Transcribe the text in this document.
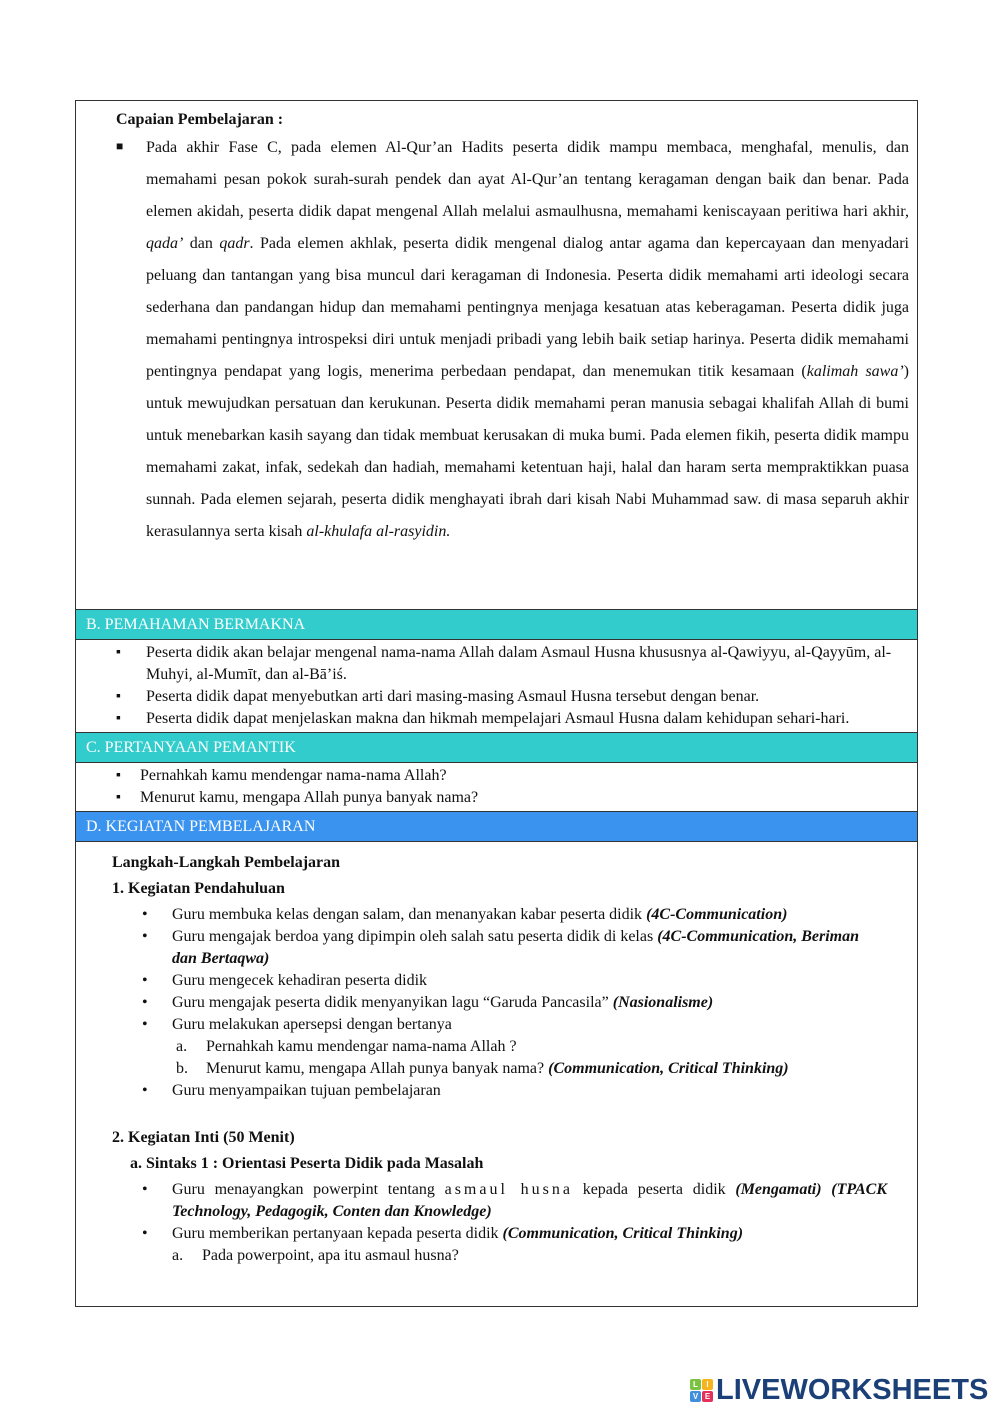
Capaian Pembelajaran :
■	Pada akhir Fase C, pada elemen Al-Qur’an Hadits peserta didik mampu membaca, menghafal, menulis, dan memahami pesan pokok surah-surah pendek dan ayat Al-Qur’an tentang keragaman dengan baik dan benar. Pada elemen akidah, peserta didik dapat mengenal Allah melalui asmaulhusna, memahami keniscayaan peritiwa hari akhir, qada’ dan qadr. Pada elemen akhlak, peserta didik mengenal dialog antar agama dan kepercayaan dan menyadari peluang dan tantangan yang bisa muncul dari keragaman di Indonesia. Peserta didik memahami arti ideologi secara sederhana dan pandangan hidup dan memahami pentingnya menjaga kesatuan atas keberagaman. Peserta didik juga memahami pentingnya introspeksi diri untuk menjadi pribadi yang lebih baik setiap harinya. Peserta didik memahami pentingnya pendapat yang logis, menerima perbedaan pendapat, dan menemukan titik kesamaan (kalimah sawa’) untuk mewujudkan persatuan dan kerukunan. Peserta didik memahami peran manusia sebagai khalifah Allah di bumi untuk menebarkan kasih sayang dan tidak membuat kerusakan di muka bumi. Pada elemen fikih, peserta didik mampu memahami zakat, infak, sedekah dan hadiah, memahami ketentuan haji, halal dan haram serta mempraktikkan puasa sunnah. Pada elemen sejarah, peserta didik menghayati ibrah dari kisah Nabi Muhammad saw. di masa separuh akhir kerasulannya serta kisah al-khulafa al-rasyidin.
B. PEMAHAMAN BERMAKNA
▪ Peserta didik akan belajar mengenal nama-nama Allah dalam Asmaul Husna khususnya al-Qawiyyu, al-Qayyūm, al-Muhyi, al-Mumīt, dan al-Bā’iś.
▪ Peserta didik dapat menyebutkan arti dari masing-masing Asmaul Husna tersebut dengan benar.
▪ Peserta didik dapat menjelaskan makna dan hikmah mempelajari Asmaul Husna dalam kehidupan sehari-hari.
C. PERTANYAAN PEMANTIK
▪ Pernahkah kamu mendengar nama-nama Allah?
▪ Menurut kamu, mengapa Allah punya banyak nama?
D. KEGIATAN PEMBELAJARAN
Langkah-Langkah Pembelajaran
1. Kegiatan Pendahuluan
• Guru membuka kelas dengan salam, dan menanyakan kabar peserta didik (4C-Communication)
• Guru mengajak berdoa yang dipimpin oleh salah satu peserta didik di kelas (4C-Communication, Beriman dan Bertaqwa)
• Guru mengecek kehadiran peserta didik
• Guru mengajak peserta didik menyanyikan lagu “Garuda Pancasila” (Nasionalisme)
• Guru melakukan apersepsi dengan bertanya
a.	Pernahkah kamu mendengar nama-nama Allah ?
b.	Menurut kamu, mengapa Allah punya banyak nama? (Communication, Critical Thinking)
• Guru menyampaikan tujuan pembelajaran
2. Kegiatan Inti (50 Menit)
a. Sintaks 1 : Orientasi Peserta Didik pada Masalah
• Guru menayangkan powerpint tentang asmaul husna kepada peserta didik (Mengamati) (TPACK Technology, Pedagogik, Conten dan Knowledge)
• Guru memberikan pertanyaan kepada peserta didik (Communication, Critical Thinking)
a.	Pada powerpoint, apa itu asmaul husna?
L	I
V E LIVEWORKSHEETS
